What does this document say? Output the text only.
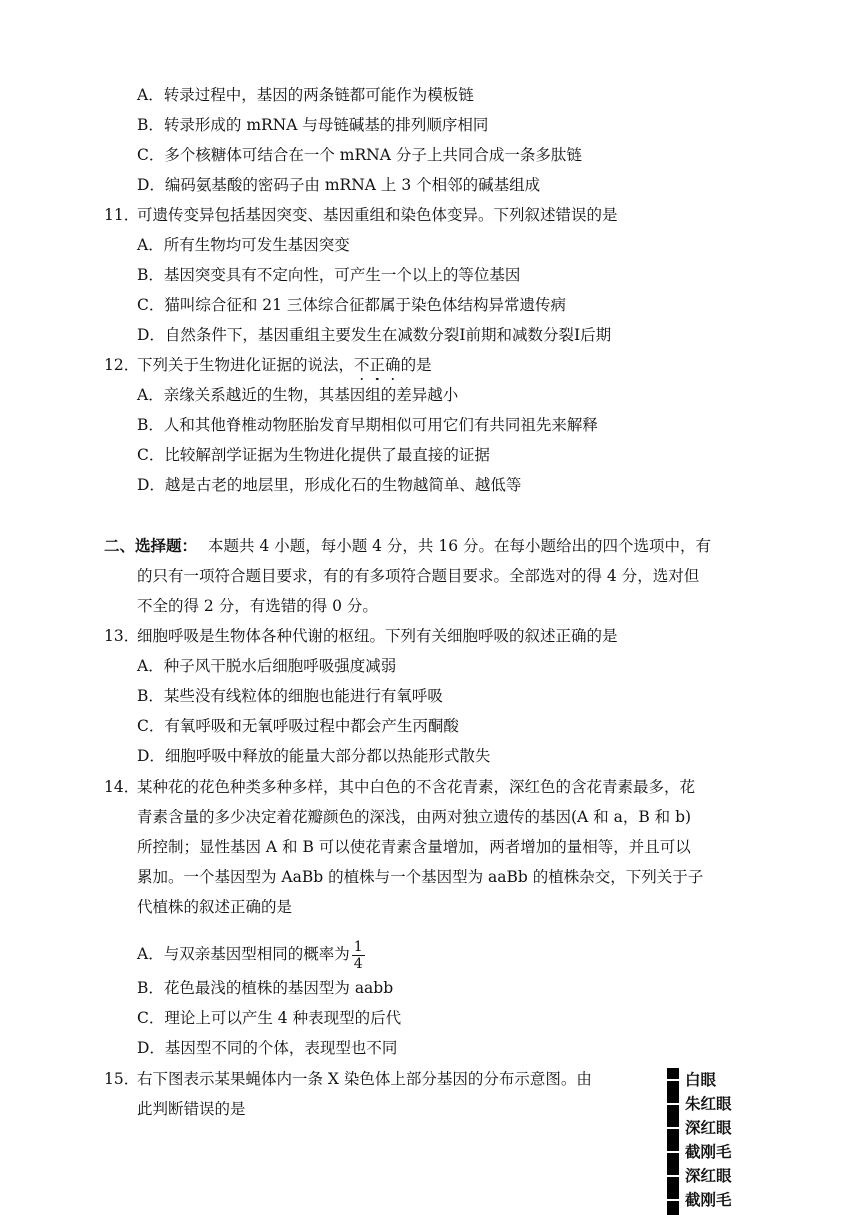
A．转录过程中，基因的两条链都可能作为模板链
B．转录形成的 mRNA 与母链碱基的排列顺序相同
C．多个核糖体可结合在一个 mRNA 分子上共同合成一条多肽链
D．编码氨基酸的密码子由 mRNA 上 3 个相邻的碱基组成
11．
可遗传变异包括基因突变、基因重组和染色体变异。下列叙述错误的是
A．所有生物均可发生基因突变
B．基因突变具有不定向性，可产生一个以上的等位基因
C．猫叫综合征和 21 三体综合征都属于染色体结构异常遗传病
D．自然条件下，基因重组主要发生在减数分裂Ⅰ前期和减数分裂Ⅰ后期
12．
下列关于生物进化证据的说法，不正确的是
A．亲缘关系越近的生物，其基因组的差异越小
B．人和其他脊椎动物胚胎发育早期相似可用它们有共同祖先来解释
C．比较解剖学证据为生物进化提供了最直接的证据
D．越是古老的地层里，形成化石的生物越简单、越低等
二、选择题： 本题共 4 小题，每小题 4 分，共 16 分。在每小题给出的四个选项中，有
的只有一项符合题目要求，有的有多项符合题目要求。全部选对的得 4 分，选对但
不全的得 2 分，有选错的得 0 分。
13．
细胞呼吸是生物体各种代谢的枢纽。下列有关细胞呼吸的叙述正确的是
A．种子风干脱水后细胞呼吸强度减弱
B．某些没有线粒体的细胞也能进行有氧呼吸
C．有氧呼吸和无氧呼吸过程中都会产生丙酮酸
D．细胞呼吸中释放的能量大部分都以热能形式散失
14．
某种花的花色种类多种多样，其中白色的不含花青素，深红色的含花青素最多，花
青素含量的多少决定着花瓣颜色的深浅，由两对独立遗传的基因(A 和 a，B 和 b)
所控制；显性基因 A 和 B 可以使花青素含量增加，两者增加的量相等，并且可以
累加。一个基因型为 AaBb 的植株与一个基因型为 aaBb 的植株杂交，下列关于子
代植株的叙述正确的是
A．与双亲基因型相同的概率为 $\frac{1}{4}$
B．花色最浅的植株的基因型为 aabb
C．理论上可以产生 4 种表现型的后代
D．基因型不同的个体，表现型也不同
15．
右下图表示某果蝇体内一条 X 染色体上部分基因的分布示意图。由
此判断错误的是
白眼
朱红眼
深红眼
截刚毛
深红眼
截刚毛
